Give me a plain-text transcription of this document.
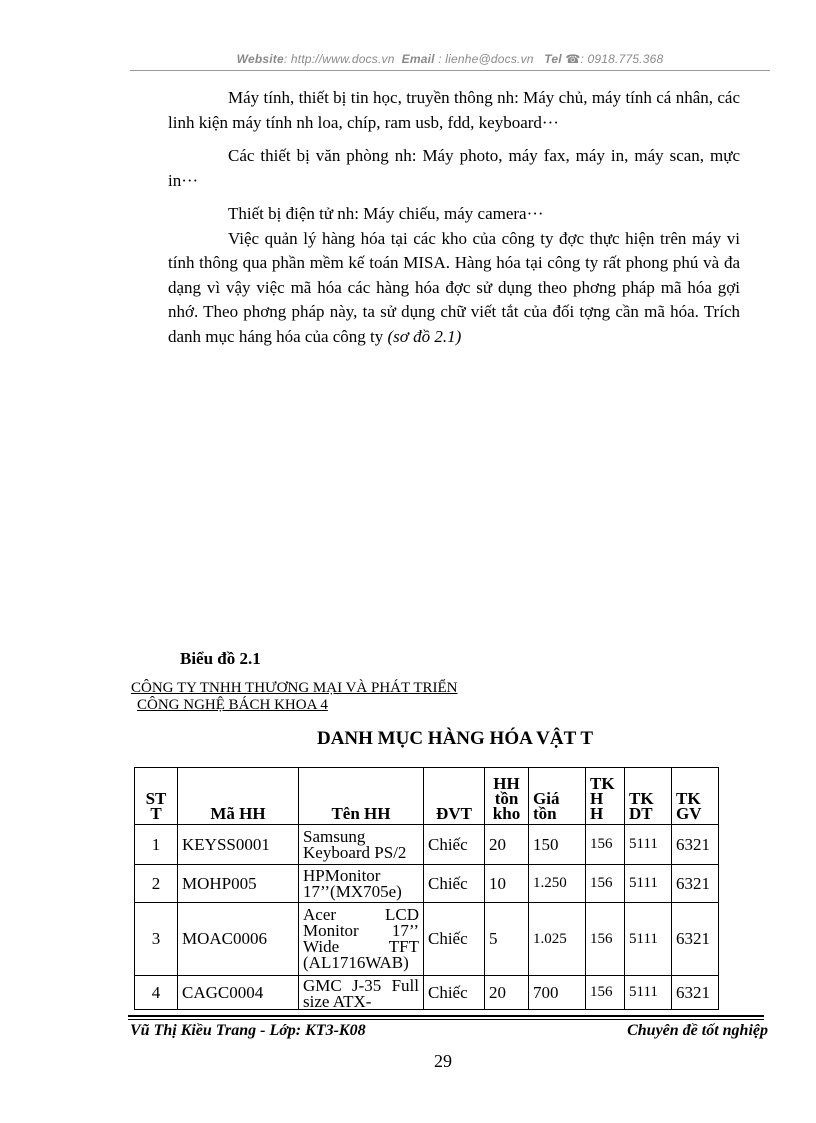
Website: http://www.docs.vn Email : lienhe@docs.vn Tel ☎: 0918.775.368

Máy tính, thiết bị tin học, truyền thông nh: Máy chủ, máy tính cá nhân, các linh kiện máy tính nh loa, chíp, ram usb, fdd, keyboard···

Các thiết bị văn phòng nh: Máy photo, máy fax, máy in, máy scan, mực in···

Thiết bị điện tử nh: Máy chiếu, máy camera···

Việc quản lý hàng hóa tại các kho của công ty đợc thực hiện trên máy vi tính thông qua phần mềm kế toán MISA. Hàng hóa tại công ty rất phong phú và đa dạng vì vậy việc mã hóa các hàng hóa đợc sử dụng theo phơng pháp mã hóa gợi nhớ. Theo phơng pháp này, ta sử dụng chữ viết tắt của đối tợng cần mã hóa. Trích danh mục háng hóa của công ty (sơ đồ 2.1)

Biểu đồ 2.1
CÔNG TY TNHH THƯƠNG MẠI VÀ PHÁT TRIỂN
CÔNG NGHỆ BÁCH KHOA 4
DANH MỤC HÀNG HÓA VẬT T
ST T	Mã HH	Tên HH	ĐVT	HH tồn kho	Giá tồn	TK H H	TK DT	TK GV
1	KEYSS0001	Samsung Keyboard PS/2	Chiếc	20	150	156	5111	6321
2	MOHP005	HPMonitor 17’’(MX705e)	Chiếc	10	1.250	156	5111	6321
3	MOAC0006	Acer LCD Monitor 17’’ Wide TFT (AL1716WAB)	Chiếc	5	1.025	156	5111	6321
4	CAGC0004	GMC J-35 Full size ATX-	Chiếc	20	700	156	5111	6321
Vũ Thị Kiều Trang - Lớp: KT3-K08	Chuyên đề tốt nghiệp
29
